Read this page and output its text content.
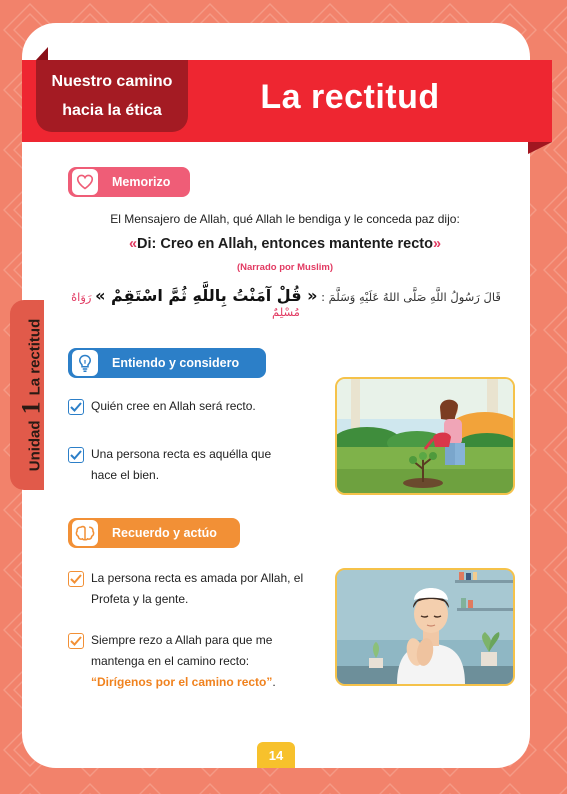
Unidad
1
La rectitud
Nuestro camino hacia la ética	La rectitud
Memorizo
El Mensajero de Allah, qué Allah le bendiga y le conceda paz dijo:
«Di: Creo en Allah, entonces mantente recto»
(Narrado por Muslim)
قَالَ رَسُولُ اللَّهِ صَلَّى اللهُ عَلَيْهِ وَسَلَّمَ : « قُلْ آمَنْتُ بِاللَّهِ ثُمَّ اسْتَقِمْ » رَوَاهُ مُسْلِمٌ
Entiendo y considero
Quién cree en Allah será recto.
Una persona recta es aquélla que hace el bien.
Recuerdo y actúo
La persona recta es amada por Allah, el Profeta y la gente.
Siempre rezo a Allah para que me mantenga en el camino recto:
“Dirígenos por el camino recto”.
14
